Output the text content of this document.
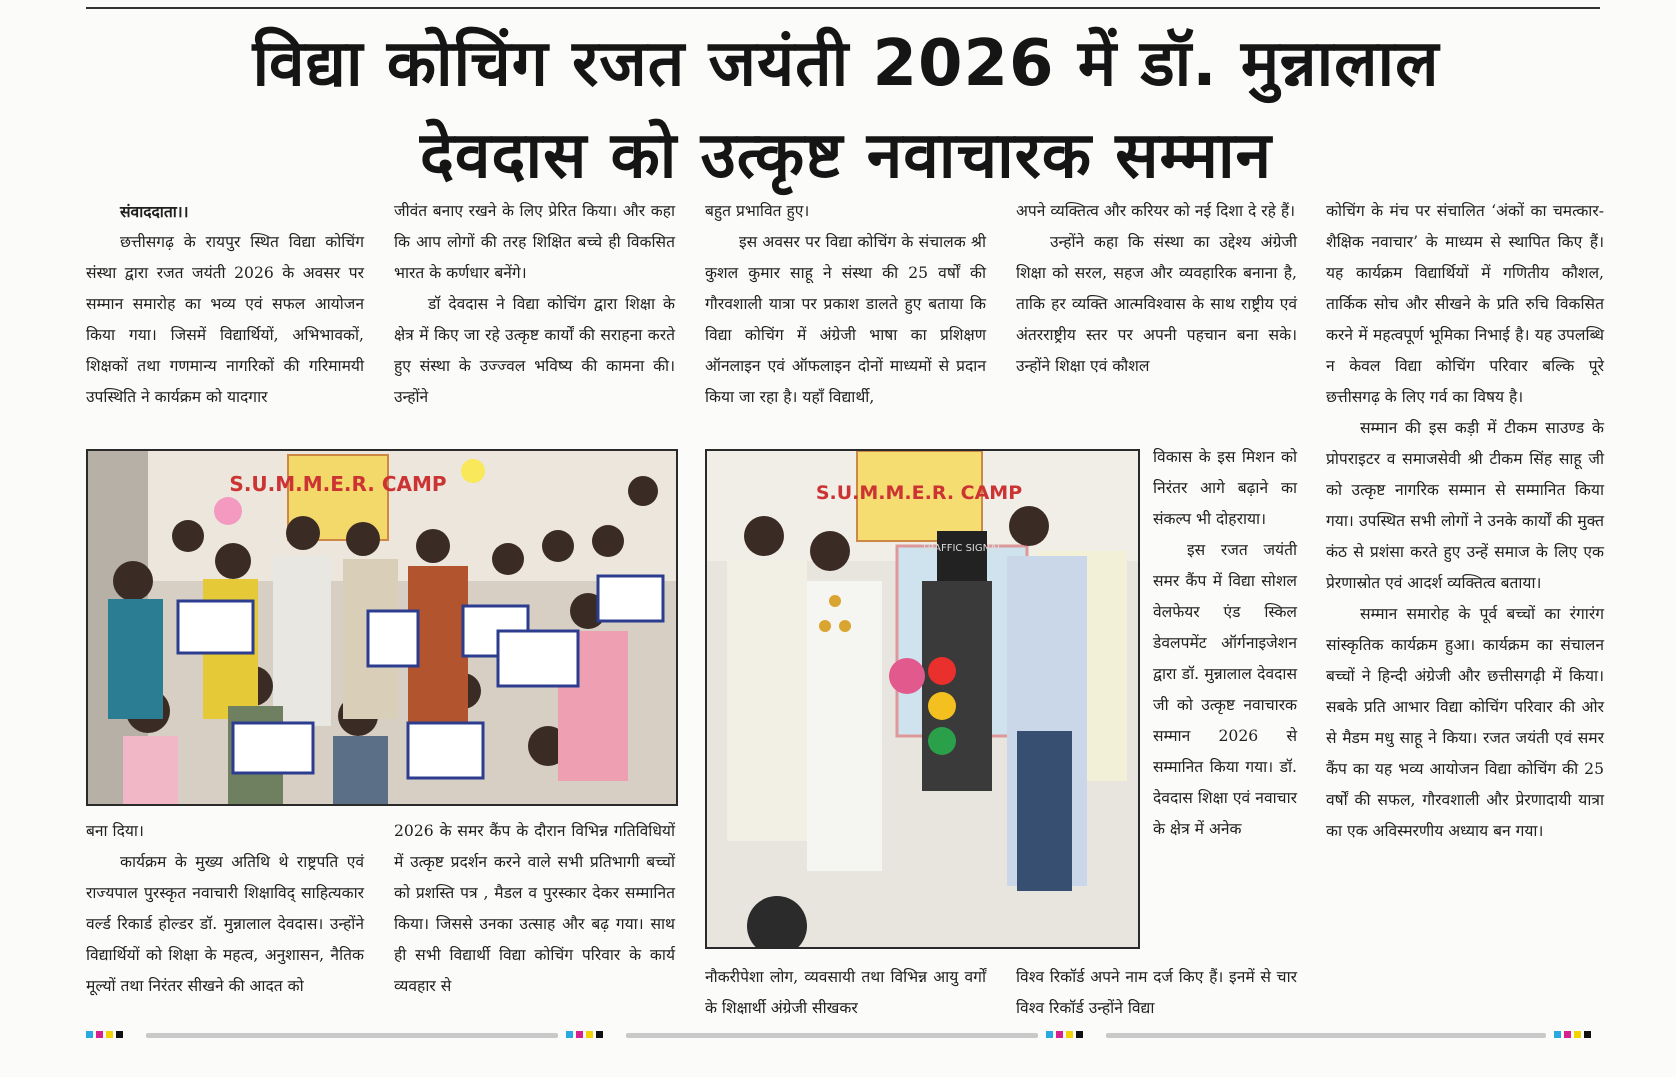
विद्या कोचिंग रजत जयंती 2026 में डॉ. मुन्नालाल
देवदास को उत्कृष्ट नवाचारक सम्मान
संवाददाता।।

छत्तीसगढ़ के रायपुर स्थित विद्या कोचिंग संस्था द्वारा रजत जयंती 2026 के अवसर पर सम्मान समारोह का भव्य एवं सफल आयोजन किया गया। जिसमें विद्यार्थियों, अभिभावकों, शिक्षकों तथा गणमान्य नागरिकों की गरिमामयी उपस्थिति ने कार्यक्रम को यादगार

जीवंत बनाए रखने के लिए प्रेरित किया। और कहा कि आप लोगों की तरह शिक्षित बच्चे ही विकसित भारत के कर्णधार बनेंगे।

डॉ देवदास ने विद्या कोचिंग द्वारा शिक्षा के क्षेत्र में किए जा रहे उत्कृष्ट कार्यों की सराहना करते हुए संस्था के उज्ज्वल भविष्य की कामना की। उन्होंने

बहुत प्रभावित हुए।

इस अवसर पर विद्या कोचिंग के संचालक श्री कुशल कुमार साहू ने संस्था की 25 वर्षों की गौरवशाली यात्रा पर प्रकाश डालते हुए बताया कि विद्या कोचिंग में अंग्रेजी भाषा का प्रशिक्षण ऑनलाइन एवं ऑफलाइन दोनों माध्यमों से प्रदान किया जा रहा है। यहाँ विद्यार्थी,

अपने व्यक्तित्व और करियर को नई दिशा दे रहे हैं।

उन्होंने कहा कि संस्था का उद्देश्य अंग्रेजी शिक्षा को सरल, सहज और व्यवहारिक बनाना है, ताकि हर व्यक्ति आत्मविश्वास के साथ राष्ट्रीय एवं अंतरराष्ट्रीय स्तर पर अपनी पहचान बना सके। उन्होंने शिक्षा एवं कौशल

विकास के इस मिशन को निरंतर आगे बढ़ाने का संकल्प भी दोहराया।

इस रजत जयंती समर कैंप में विद्या सोशल वेलफेयर एंड स्किल डेवलपमेंट ऑर्गनाइजेशन द्वारा डॉ. मुन्नालाल देवदास जी को उत्कृष्ट नवाचारक सम्मान 2026 से सम्मानित किया गया। डॉ. देवदास शिक्षा एवं नवाचार के क्षेत्र में अनेक

कोचिंग के मंच पर संचालित ‘अंकों का चमत्कार- शैक्षिक नवाचार’ के माध्यम से स्थापित किए हैं। यह कार्यक्रम विद्यार्थियों में गणितीय कौशल, तार्किक सोच और सीखने के प्रति रुचि विकसित करने में महत्वपूर्ण भूमिका निभाई है। यह उपलब्धि न केवल विद्या कोचिंग परिवार बल्कि पूरे छत्तीसगढ़ के लिए गर्व का विषय है।

सम्मान की इस कड़ी में टीकम साउण्ड के प्रोपराइटर व समाजसेवी श्री टीकम सिंह साहू जी को उत्कृष्ट नागरिक सम्मान से सम्मानित किया गया। उपस्थित सभी लोगों ने उनके कार्यों की मुक्त कंठ से प्रशंसा करते हुए उन्हें समाज के लिए एक प्रेरणास्रोत एवं आदर्श व्यक्तित्व बताया।

सम्मान समारोह के पूर्व बच्चों का रंगारंग सांस्कृतिक कार्यक्रम हुआ। कार्यक्रम का संचालन बच्चों ने हिन्दी अंग्रेजी और छत्तीसगढ़ी में किया। सबके प्रति आभार विद्या कोचिंग परिवार की ओर से मैडम मधु साहू ने किया। रजत जयंती एवं समर कैंप का यह भव्य आयोजन विद्या कोचिंग की 25 वर्षों की सफल, गौरवशाली और प्रेरणादायी यात्रा का एक अविस्मरणीय अध्याय बन गया।

S.U.M.M.E.R. CAMP	S.U.M.M.E.R. CAMP
TRAFFIC SIGNAL

बना दिया।

कार्यक्रम के मुख्य अतिथि थे राष्ट्रपति एवं राज्यपाल पुरस्कृत नवाचारी शिक्षाविद् साहित्यकार वर्ल्ड रिकार्ड होल्डर डॉ. मुन्नालाल देवदास। उन्होंने विद्यार्थियों को शिक्षा के महत्व, अनुशासन, नैतिक मूल्यों तथा निरंतर सीखने की आदत को

2026 के समर कैंप के दौरान विभिन्न गतिविधियों में उत्कृष्ट प्रदर्शन करने वाले सभी प्रतिभागी बच्चों को प्रशस्ति पत्र , मैडल व पुरस्कार देकर सम्मानित किया। जिससे उनका उत्साह और बढ़ गया। साथ ही सभी विद्यार्थी विद्या कोचिंग परिवार के कार्य व्यवहार से	नौकरीपेशा लोग, व्यवसायी तथा विभिन्न आयु वर्गों के शिक्षार्थी अंग्रेजी सीखकर

विश्व रिकॉर्ड अपने नाम दर्ज किए हैं। इनमें से चार विश्व रिकॉर्ड उन्होंने विद्या
